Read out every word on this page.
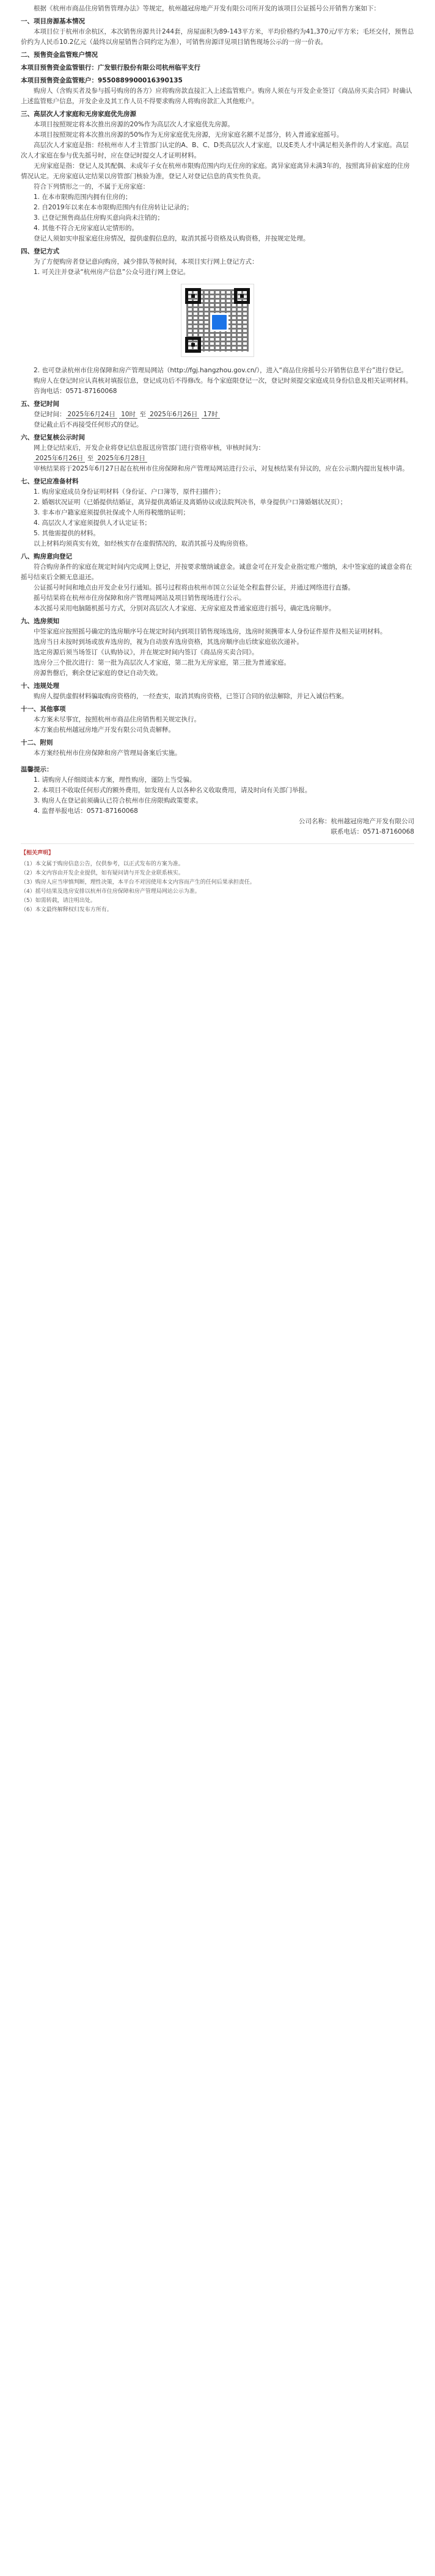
根据《杭州市商品住房销售管理办法》等规定，杭州越冠房地产开发有限公司所开发的该项目公证摇号公开销售方案如下：

一、项目房源基本情况

本项目位于杭州市余杭区，本次销售房源共计244套，房屋面积为89-143平方米，平均价格约为41,370元/平方米；毛坯交付，预售总价约为人民币10.2亿元（最终以房屋销售合同约定为准），可销售房源详见项目销售现场公示的一房一价表。

二、预售资金监管账户情况

本项目预售资金监管银行：广发银行股份有限公司杭州临平支行

本项目预售资金监管账户：9550889900016390135

购房人（含购买者及参与摇号购房的各方）应将购房款直接汇入上述监管账户。购房人须在与开发企业签订《商品房买卖合同》时确认上述监管账户信息，开发企业及其工作人员不得要求购房人将购房款汇入其他账户。

三、高层次人才家庭和无房家庭优先房源

本项目按照规定将本次推出房源的20%作为高层次人才家庭优先房源。

本项目按照规定将本次推出房源的50%作为无房家庭优先房源，无房家庭名额不足部分，转入普通家庭摇号。

高层次人才家庭是指：经杭州市人才主管部门认定的A、B、C、D类高层次人才家庭，以及E类人才中满足相关条件的人才家庭。高层次人才家庭在参与优先摇号时，应在登记时提交人才证明材料。

无房家庭是指：登记人及其配偶、未成年子女在杭州市限购范围内均无住房的家庭。离异家庭离异未满3年的，按照离异前家庭的住房情况认定。无房家庭认定结果以房管部门核验为准，登记人对登记信息的真实性负责。

符合下列情形之一的，不属于无房家庭：

1. 在本市限购范围内拥有住房的；

2. 自2019年以来在本市限购范围内有住房转让记录的；

3. 已登记预售商品住房购买意向尚未注销的；

4. 其他不符合无房家庭认定情形的。

登记人须如实申报家庭住房情况，提供虚假信息的，取消其摇号资格及认购资格，并按规定处理。

四、登记方式

为了方便购房者登记意向购房，减少排队等候时间，本项目实行网上登记方式：

1. 可关注并登录“杭州房产信息”公众号进行网上登记。

2. 也可登录杭州市住房保障和房产管理局网站（http://fgj.hangzhou.gov.cn/），进入“商品住房摇号公开销售信息平台”进行登记。

购房人在登记时应认真核对填报信息，登记成功后不得修改。每个家庭限登记一次，登记时须提交家庭成员身份信息及相关证明材料。

咨询电话：0571-87160068

五、登记时间

登记时间： 2025年6月24日 10时 至 2025年6月26日 17时

登记截止后不再接受任何形式的登记。

六、登记复核公示时间

网上登记结束后，开发企业将登记信息报送房管部门进行资格审核，审核时间为：

2025年6月26日 至 2025年6月28日

审核结果将于2025年6月27日起在杭州市住房保障和房产管理局网站进行公示，对复核结果有异议的，应在公示期内提出复核申请。

七、登记应准备材料

1. 购房家庭成员身份证明材料（身份证、户口簿等，原件扫描件）；

2. 婚姻状况证明（已婚提供结婚证，离异提供离婚证及离婚协议或法院判决书，单身提供户口簿婚姻状况页）；

3. 非本市户籍家庭须提供社保或个人所得税缴纳证明；

4. 高层次人才家庭须提供人才认定证书；

5. 其他需提供的材料。

以上材料均须真实有效，如经核实存在虚假情况的，取消其摇号及购房资格。

八、购房意向登记

符合购房条件的家庭在规定时间内完成网上登记，并按要求缴纳诚意金。诚意金可在开发企业指定账户缴纳，未中签家庭的诚意金将在摇号结束后全额无息退还。

公证摇号时间和地点由开发企业另行通知。摇号过程将由杭州市国立公证处全程监督公证，并通过网络进行直播。

摇号结果将在杭州市住房保障和房产管理局网站及项目销售现场进行公示。

本次摇号采用电脑随机摇号方式，分别对高层次人才家庭、无房家庭及普通家庭进行摇号，确定选房顺序。

九、选房须知

中签家庭应按照摇号确定的选房顺序号在规定时间内到项目销售现场选房，选房时须携带本人身份证件原件及相关证明材料。

选房当日未按时到场或放弃选房的，视为自动放弃选房资格，其选房顺序由后续家庭依次递补。

选定房源后须当场签订《认购协议》，并在规定时间内签订《商品房买卖合同》。

选房分三个批次进行：第一批为高层次人才家庭，第二批为无房家庭，第三批为普通家庭。

房源售罄后，剩余登记家庭的登记自动失效。

十、违规处理

购房人提供虚假材料骗取购房资格的，一经查实，取消其购房资格，已签订合同的依法解除，并记入诚信档案。

十一、其他事项

本方案未尽事宜，按照杭州市商品住房销售相关规定执行。

本方案由杭州越冠房地产开发有限公司负责解释。

十二、附则

本方案经杭州市住房保障和房产管理局备案后实施。

温馨提示：

1. 请购房人仔细阅读本方案，理性购房，谨防上当受骗。

2. 本项目不收取任何形式的额外费用，如发现有人以各种名义收取费用，请及时向有关部门举报。

3. 购房人在登记前须确认已符合杭州市住房限购政策要求。

4. 监督举报电话：0571-87160068

公司名称：杭州越冠房地产开发有限公司

联系电话：0571-87160068

【相关声明】

（1）本文属于购房信息公告，仅供参考，以正式发布的方案为准。

（2）本文内容由开发企业提供，如有疑问请与开发企业联系核实。

（3）购房人应当审慎判断，理性决策，本平台不对因使用本文内容而产生的任何后果承担责任。

（4）摇号结果及选房安排以杭州市住房保障和房产管理局网站公示为准。

（5）如需转载，请注明出处。

（6）本文最终解释权归发布方所有。
